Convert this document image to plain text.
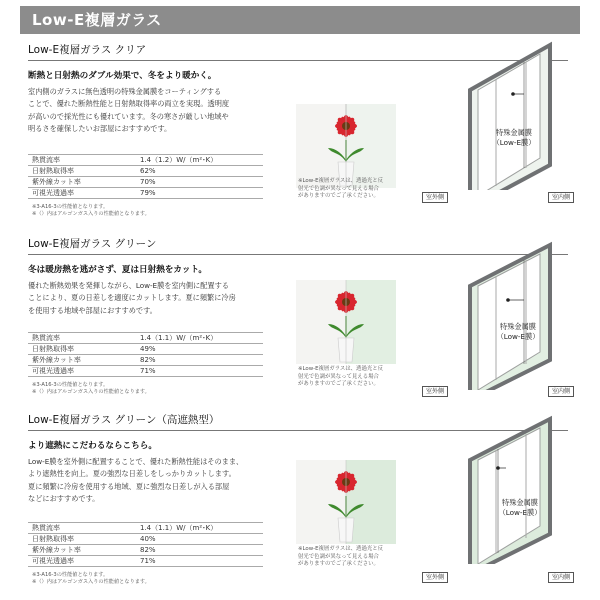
Low-E複層ガラス
Low-E複層ガラス クリア
断熱と日射熱のダブル効果で、冬をより暖かく。
室内側のガラスに無色透明の特殊金属膜をコーティングする
ことで、優れた断熱性能と日射熱取得率の両立を実現。透明度
が高いので採光性にも優れています。冬の寒さが厳しい地域や
明るさを確保したいお部屋におすすめです。
熱貫流率	1.4（1.2）W/（m²･K）
日射熱取得率	62%
紫外線カット率	70%
可視光透過率	79%
※3-A16-3の性能値となります。
※（）内はアルゴンガス入りの性能値となります。
※Low-E複層ガラスは、透過光と反
射光で色調が異なって見える場合
がありますのでご了承ください。
特殊金属膜
（Low-E膜）
室外側	室内側
Low-E複層ガラス グリーン
冬は暖房熱を逃がさず、夏は日射熱をカット。
優れた断熱効果を発揮しながら、Low-E膜を室内側に配置する
ことにより、夏の日差しを適度にカットします。夏に頻繁に冷房
を使用する地域や部屋におすすめです。
熱貫流率	1.4（1.1）W/（m²･K）
日射熱取得率	49%
紫外線カット率	82%
可視光透過率	71%
※3-A16-3の性能値となります。
※（）内はアルゴンガス入りの性能値となります。
※Low-E複層ガラスは、透過光と反
射光で色調が異なって見える場合
がありますのでご了承ください。
特殊金属膜
（Low-E膜）
室外側	室内側
Low-E複層ガラス グリーン（高遮熱型）
より遮熱にこだわるならこちら。
Low-E膜を室外側に配置することで、優れた断熱性能はそのまま、
より遮熱性を向上。夏の強烈な日差しをしっかりカットします。
夏に頻繁に冷房を使用する地域、夏に強烈な日差しが入る部屋
などにおすすめです。
熱貫流率	1.4（1.1）W/（m²･K）
日射熱取得率	40%
紫外線カット率	82%
可視光透過率	71%
※3-A16-3の性能値となります。
※（）内はアルゴンガス入りの性能値となります。
※Low-E複層ガラスは、透過光と反
射光で色調が異なって見える場合
がありますのでご了承ください。
特殊金属膜
（Low-E膜）
室外側	室内側
